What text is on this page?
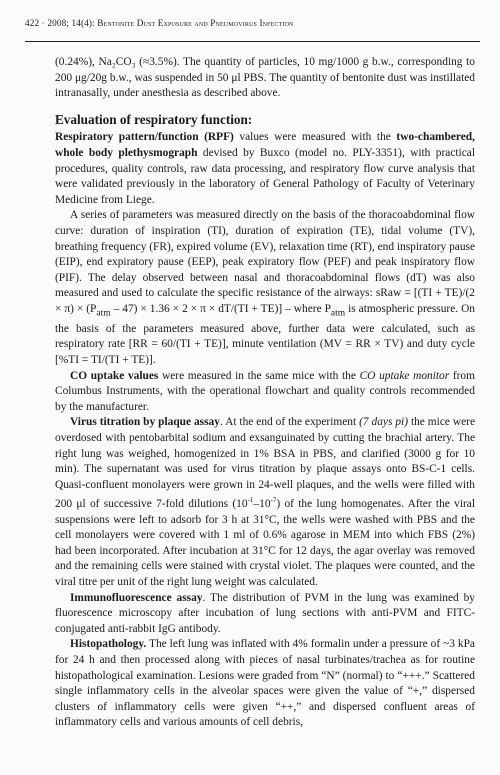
422 · 2008; 14(4): Bentonite Dust Exposure and Pneumovirus Infection

(0.24%), Na₂CO₃ (≈3.5%). The quantity of particles, 10 mg/1000 g b.w., corresponding to 200 μg/20g b.w., was suspended in 50 μl PBS. The quantity of bentonite dust was instillated intranasally, under anesthesia as described above.

Evaluation of respiratory function:

Respiratory pattern/function (RPF) values were measured with the two-chambered, whole body plethysmograph devised by Buxco (model no. PLY-3351), with practical procedures, quality controls, raw data processing, and respiratory flow curve analysis that were validated previously in the laboratory of General Pathology of Faculty of Veterinary Medicine from Liege.

A series of parameters was measured directly on the basis of the thoracoabdominal flow curve: duration of inspiration (TI), duration of expiration (TE), tidal volume (TV), breathing frequency (FR), expired volume (EV), relaxation time (RT), end inspiratory pause (EIP), end expiratory pause (EEP), peak expiratory flow (PEF) and peak inspiratory flow (PIF). The delay observed between nasal and thoracoabdominal flows (dT) was also measured and used to calculate the specific resistance of the airways: sRaw = $[(TI + TE)/(2 \times \pi) \times (P_{atm} - 47) \times 1.36 \times 2 \times \pi \times dT/(TI + TE)]$ – where $P_{atm}$ is atmospheric pressure. On the basis of the parameters measured above, further data were calculated, such as respiratory rate [RR = 60/(TI + TE)], minute ventilation (MV = RR × TV) and duty cycle [%TI = TI/(TI + TE)].

CO uptake values were measured in the same mice with the CO uptake monitor from Columbus Instruments, with the operational flowchart and quality controls recommended by the manufacturer.

Virus titration by plaque assay. At the end of the experiment (7 days pi) the mice were overdosed with pentobarbital sodium and exsanguinated by cutting the brachial artery. The right lung was weighed, homogenized in 1% BSA in PBS, and clarified (3000 g for 10 min). The supernatant was used for virus titration by plaque assays onto BS-C-1 cells. Quasi-confluent monolayers were grown in 24-well plaques, and the wells were filled with 200 μl of successive 7-fold dilutions $(10^{-1}-10^{-7})$ of the lung homogenates. After the viral suspensions were left to adsorb for 3 h at 31°C, the wells were washed with PBS and the cell monolayers were covered with 1 ml of 0.6% agarose in MEM into which FBS (2%) had been incorporated. After incubation at 31°C for 12 days, the agar overlay was removed and the remaining cells were stained with crystal violet. The plaques were counted, and the viral titre per unit of the right lung weight was calculated.

Immunofluorescence assay. The distribution of PVM in the lung was examined by fluorescence microscopy after incubation of lung sections with anti-PVM and FITC-conjugated anti-rabbit IgG antibody.

Histopathology. The left lung was inflated with 4% formalin under a pressure of ~3 kPa for 24 h and then processed along with pieces of nasal turbinates/trachea as for routine histopathological examination. Lesions were graded from “N” (normal) to “+++.” Scattered single inflammatory cells in the alveolar spaces were given the value of “+,” dispersed clusters of inflammatory cells were given “++,” and dispersed confluent areas of inflammatory cells and various amounts of cell debris,
